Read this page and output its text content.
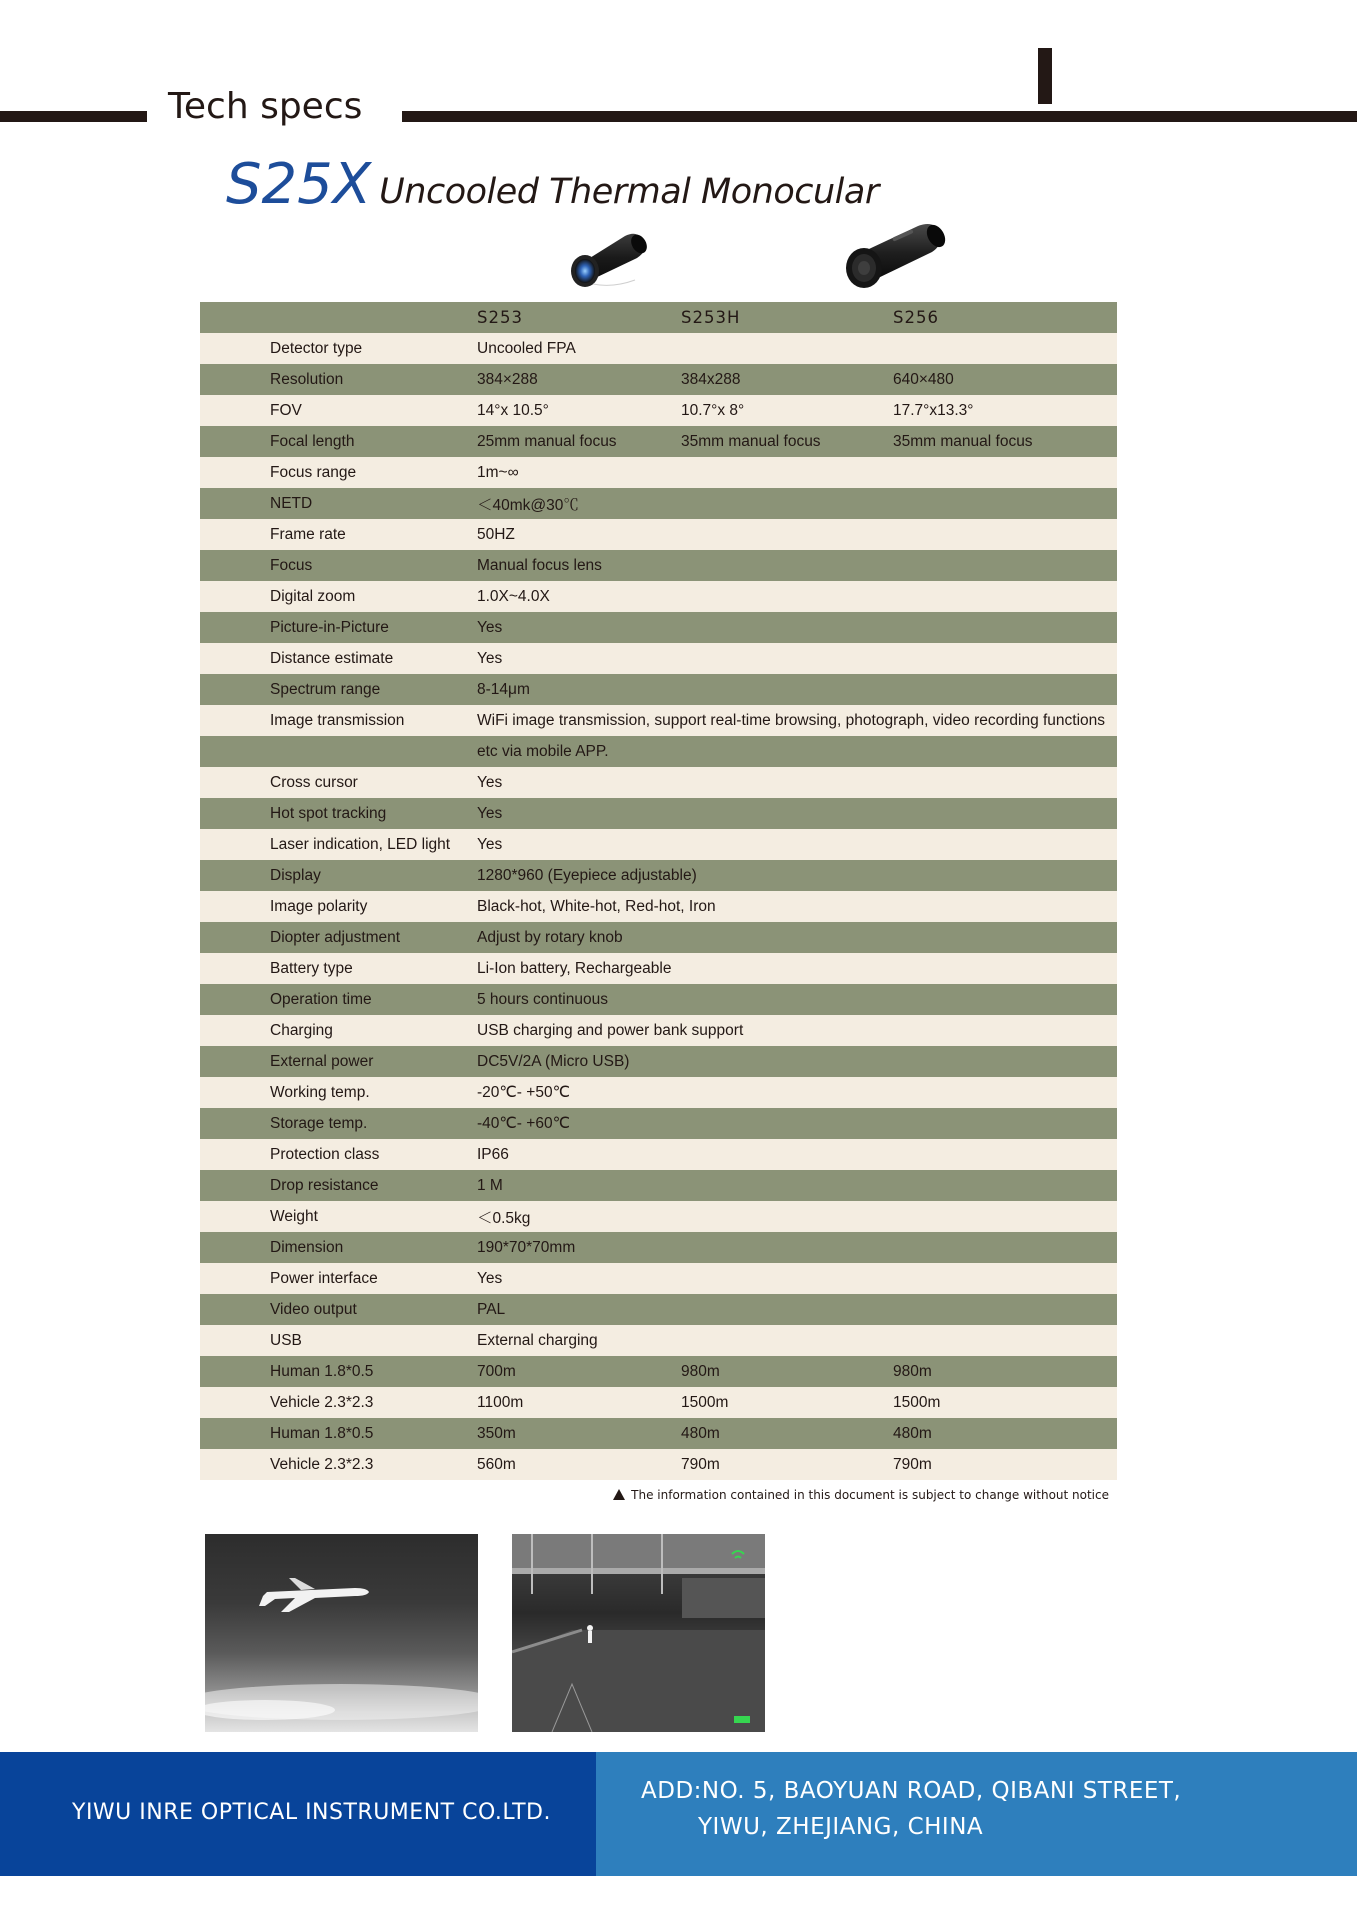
Tech specs
S25X Uncooled Thermal Monocular
	S253	S253H	S256
Detector type	Uncooled FPA		
Resolution	384×288	384x288	640×480
FOV	14°x 10.5°	10.7°x 8°	17.7°x13.3°
Focal length	25mm manual focus	35mm manual focus	35mm manual focus
Focus range	1m~∞		
NETD	＜40mk@30℃		
Frame rate	50HZ		
Focus	Manual focus lens		
Digital zoom	1.0X~4.0X		
Picture-in-Picture	Yes		
Distance estimate	Yes		
Spectrum range	8-14μm		
Image transmission	WiFi image transmission, support real-time browsing, photograph, video recording functions		
	etc via mobile APP.		
Cross cursor	Yes		
Hot spot tracking	Yes		
Laser indication, LED light	Yes		
Display	1280*960 (Eyepiece adjustable)		
Image polarity	Black-hot, White-hot, Red-hot, Iron		
Diopter adjustment	Adjust by rotary knob		
Battery type	Li-Ion battery, Rechargeable		
Operation time	5 hours continuous		
Charging	USB charging and power bank support		
External power	DC5V/2A (Micro USB)		
Working temp.	-20℃- +50℃		
Storage temp.	-40℃- +60℃		
Protection class	IP66		
Drop resistance	1 M		
Weight	＜0.5kg		
Dimension	190*70*70mm		
Power interface	Yes		
Video output	PAL		
USB	External charging		
Human 1.8*0.5	700m	980m	980m
Vehicle 2.3*2.3	1100m	1500m	1500m
Human 1.8*0.5	350m	480m	480m
Vehicle 2.3*2.3	560m	790m	790m
The information contained in this document is subject to change without notice
YIWU INRE OPTICAL INSTRUMENT CO.LTD.
ADD:NO. 5, BAOYUAN ROAD, QIBANI STREET,
YIWU, ZHEJIANG, CHINA
